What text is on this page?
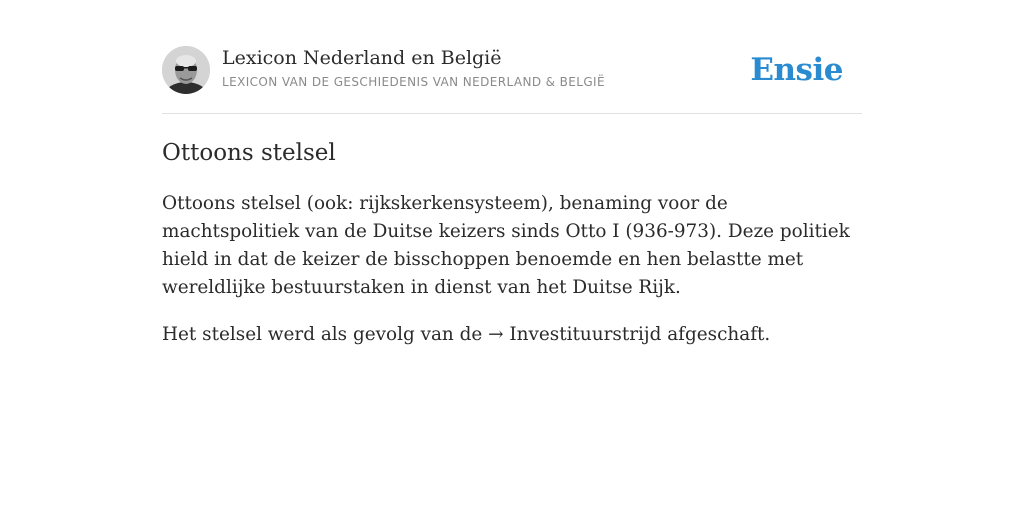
Lexicon Nederland en België
LEXICON VAN DE GESCHIEDENIS VAN NEDERLAND & BELGIË	Ensie
Ottoons stelsel

Ottoons stelsel (ook: rijkskerkensysteem), benaming voor de machtspolitiek van de Duitse keizers sinds Otto I (936-973). Deze politiek hield in dat de keizer de bisschoppen benoemde en hen belastte met wereldlijke bestuurstaken in dienst van het Duitse Rijk.

Het stelsel werd als gevolg van de → Investituurstrijd afgeschaft.
